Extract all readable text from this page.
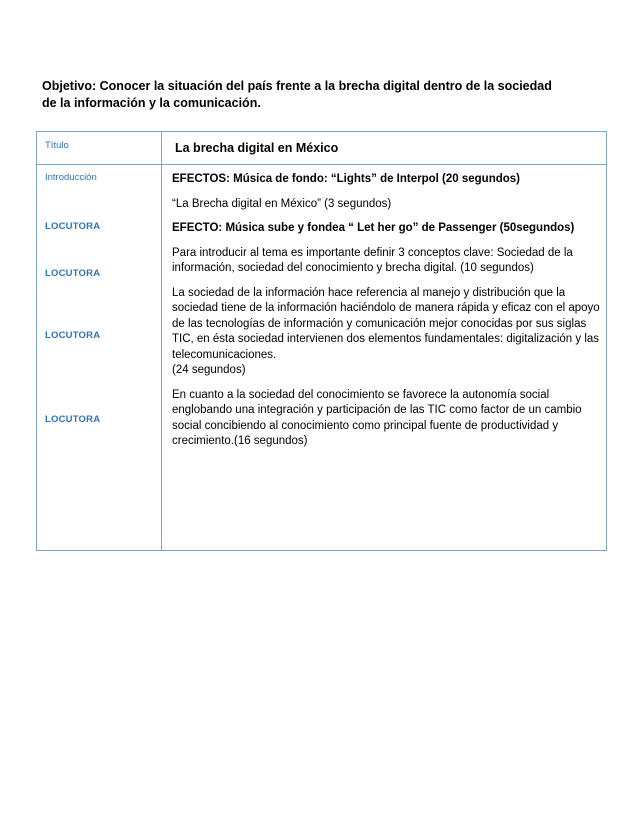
Objetivo: Conocer la situación del país frente a la brecha digital dentro de la sociedad de la información y la comunicación.
Título	La brecha digital en México
Introducción
LOCUTORA
LOCUTORA
LOCUTORA
LOCUTORA

EFECTOS: Música de fondo: “Lights” de Interpol (20 segundos)

“La Brecha digital en México” (3 segundos)

EFECTO: Música sube y fondea “ Let her go” de Passenger (50segundos)

Para introducir al tema es importante definir 3 conceptos clave: Sociedad de la información, sociedad del conocimiento y brecha digital. (10 segundos)

La sociedad de la información hace referencia al manejo y distribución que la sociedad tiene de la información haciéndolo de manera rápida y eficaz con el apoyo de las tecnologías de información y comunicación mejor conocidas por sus siglas TIC, en ésta sociedad intervienen dos elementos fundamentales: digitalización y las telecomunicaciones.

(24 segundos)

En cuanto a la sociedad del conocimiento se favorece la autonomía social englobando una integración y participación de las TIC como factor de un cambio social concibiendo al conocimiento como principal fuente de productividad y crecimiento.(16 segundos)
